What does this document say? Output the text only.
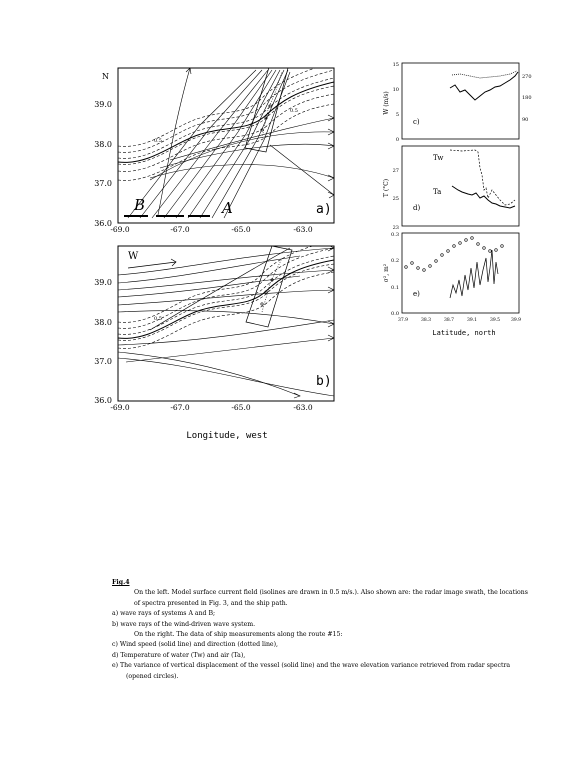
B	A	a)
0.5
0.5
N
39.0
38.0
37.0
36.0
-69.0	-67.0	-65.0	-63.0
W
b)
0.5
39.0
38.0
37.0
36.0
-69.0	-67.0	-65.0	-63.0
Longitude, west
c)
W (m/s)
0
5
10
15
90
180
270
Tw
Ta
d)
T (°C)
23
25
27
e)
σ², m²
0.0
0.1
0.2
0.3
37.9	38.3	38.7	39.1	39.5 39.9
Latitude, north

Fig.4

On the left. Model surface current field (isolines are drawn in 0.5 m/s.). Also shown are: the radar image swath, the locations of spectra presented in Fig. 3, and the ship path.

a) wave rays of systems A and B;

b) wave rays of the wind-driven wave system.

On the right. The data of ship measurements along the route #15:

c) Wind speed (solid line) and direction (dotted line),

d) Temperature of water (Tw) and air (Ta),

e) The variance of vertical displacement of the vessel (solid line) and the wave elevation variance retrieved from radar spectra (opened circles).
